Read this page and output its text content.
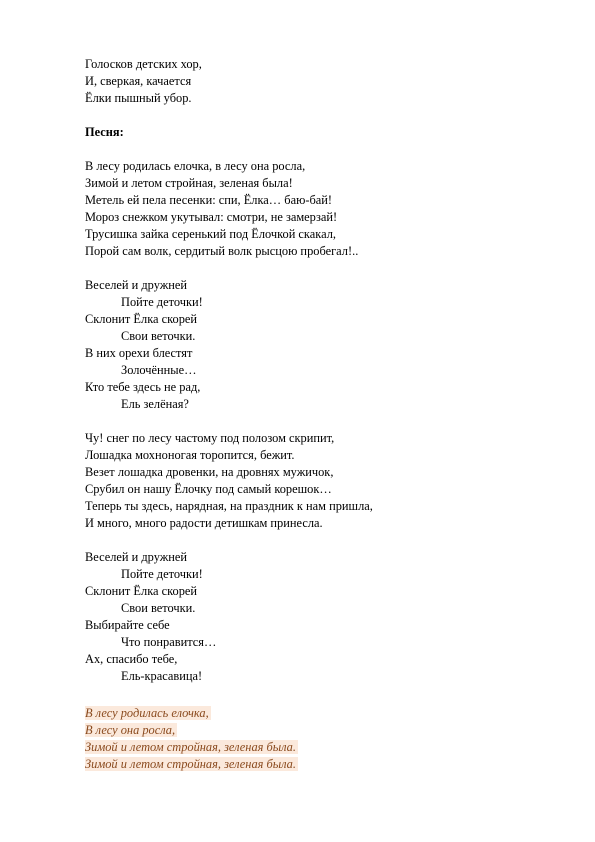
Голосков детских хор,
И, сверкая, качается
Ёлки пышный убор.
Песня:
В лесу родилась елочка, в лесу она росла,
Зимой и летом стройная, зеленая была!
Метель ей пела песенки: спи, Ёлка… баю-бай!
Мороз снежком укутывал: смотри, не замерзай!
Трусишка зайка серенький под Ёлочкой скакал,
Порой сам волк, сердитый волк рысцою пробегал!..
Веселей и дружней
Пойте деточки!
Склонит Ёлка скорей
Свои веточки.
В них орехи блестят
Золочённые…
Кто тебе здесь не рад,
Ель зелёная?
Чу! снег по лесу частому под полозом скрипит,
Лошадка мохноногая торопится, бежит.
Везет лошадка дровенки, на дровнях мужичок,
Срубил он нашу Ёлочку под самый корешок…
Теперь ты здесь, нарядная, на праздник к нам пришла,
И много, много радости детишкам принесла.
Веселей и дружней
Пойте деточки!
Склонит Ёлка скорей
Свои веточки.
Выбирайте себе
Что понравится…
Ах, спасибо тебе,
Ель-красавица!
В лесу родилась елочка,
В лесу она росла,
Зимой и летом стройная, зеленая была.
Зимой и летом стройная, зеленая была.
